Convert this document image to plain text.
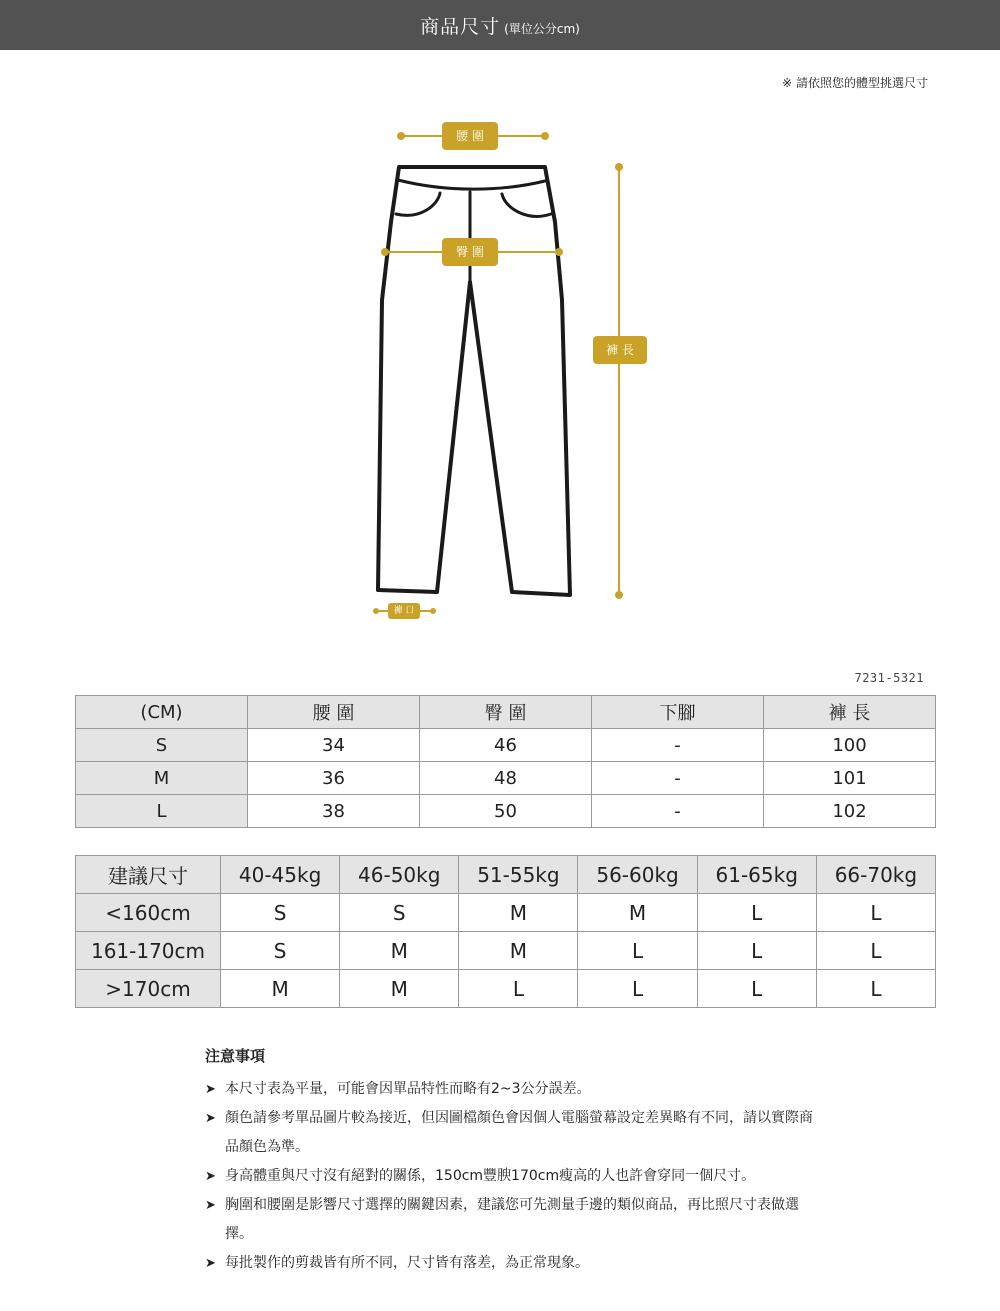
商品尺寸 (單位公分cm)
※ 請依照您的體型挑選尺寸
腰 圍
臀 圍
褲 長
褲 口
7231-5321
(CM)	腰 圍	臀 圍	下腳	褲 長
S	34	46	-	100
M	36	48	-	101
L	38	50	-	102
建議尺寸	40-45kg	46-50kg	51-55kg	56-60kg	61-65kg	66-70kg
<160cm	S	S	M	M	L	L
161-170cm	S	M	M	L	L	L
>170cm	M	M	L	L	L	L
注意事項
➤ 本尺寸表為平量，可能會因單品特性而略有2~3公分誤差。
➤ 顏色請參考單品圖片較為接近，但因圖檔顏色會因個人電腦螢幕設定差異略有不同，請以實際商品顏色為準。
➤ 身高體重與尺寸沒有絕對的關係，150cm豐腴170cm瘦高的人也許會穿同一個尺寸。
➤ 胸圍和腰圍是影響尺寸選擇的關鍵因素，建議您可先測量手邊的類似商品，再比照尺寸表做選擇。
➤ 每批製作的剪裁皆有所不同，尺寸皆有落差，為正常現象。
